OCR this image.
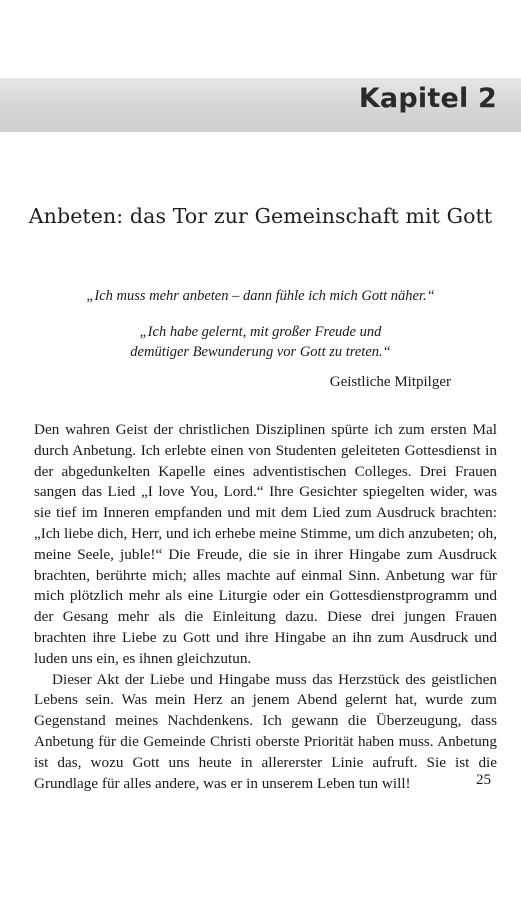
Kapitel 2
Anbeten: das Tor zur Gemeinschaft mit Gott

„Ich muss mehr anbeten – dann fühle ich mich Gott näher.“

„Ich habe gelernt, mit großer Freude und
demütiger Bewunderung vor Gott zu treten.“

Geistliche Mitpilger

Den wahren Geist der christlichen Disziplinen spürte ich zum ersten Mal durch Anbetung. Ich erlebte einen von Studenten geleiteten Gottesdienst in der abgedunkelten Kapelle eines adventistischen Colleges. Drei Frauen sangen das Lied „I love You, Lord.“ Ihre Gesichter spiegelten wider, was sie tief im Inneren empfanden und mit dem Lied zum Ausdruck brachten: „Ich liebe dich, Herr, und ich erhebe meine Stimme, um dich anzubeten; oh, meine Seele, juble!“ Die Freude, die sie in ihrer Hingabe zum Ausdruck brachten, berührte mich; alles machte auf einmal Sinn. Anbetung war für mich plötzlich mehr als eine Liturgie oder ein Gottesdienstprogramm und der Gesang mehr als die Einleitung dazu. Diese drei jungen Frauen brachten ihre Liebe zu Gott und ihre Hingabe an ihn zum Ausdruck und luden uns ein, es ihnen gleichzutun.

Dieser Akt der Liebe und Hingabe muss das Herzstück des geistlichen Lebens sein. Was mein Herz an jenem Abend gelernt hat, wurde zum Gegenstand meines Nachdenkens. Ich gewann die Überzeugung, dass Anbetung für die Gemeinde Christi oberste Priorität haben muss. Anbetung ist das, wozu Gott uns heute in allererster Linie aufruft. Sie ist die Grundlage für alles andere, was er in unserem Leben tun will!	25
